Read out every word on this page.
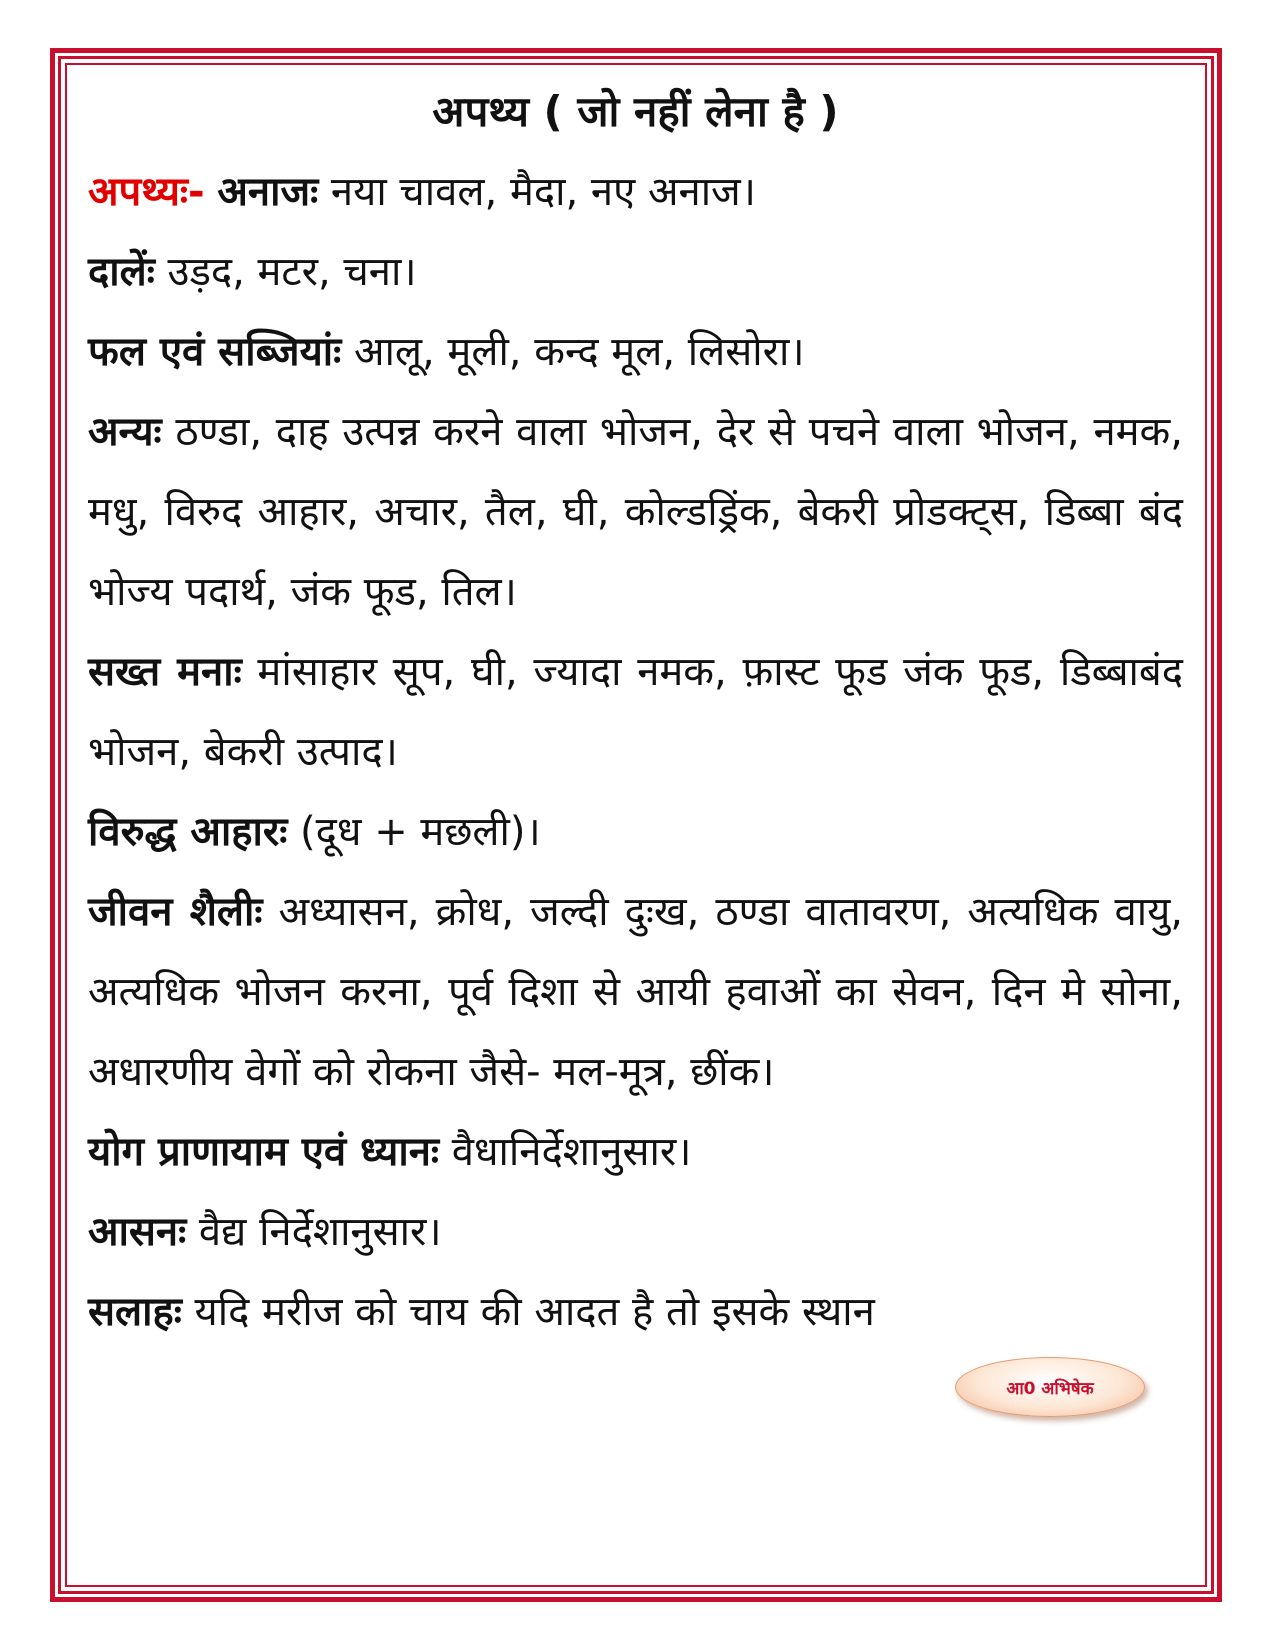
अपथ्य ( जो नहीं लेना है )

अपथ्यः- अनाजः नया चावल, मैदा, नए अनाज।

दालेंः उड़द, मटर, चना।

फल एवं सब्जियांः आलू, मूली, कन्द मूल, लिसोरा।

अन्यः ठण्डा, दाह उत्पन्न करने वाला भोजन, देर से पचने वाला भोजन, नमक, मधु, विरुद आहार, अचार, तैल, घी, कोल्डड्रिंक, बेकरी प्रोडक्ट्स, डिब्बा बंद भोज्य पदार्थ, जंक फूड, तिल।

सख्त मनाः मांसाहार सूप, घी, ज्यादा नमक, फ़ास्ट फूड जंक फूड, डिब्बाबंद भोजन, बेकरी उत्पाद।

विरुद्ध आहारः (दूध + मछली)।

जीवन शैलीः अध्यासन, क्रोध, जल्दी दुःख, ठण्डा वातावरण, अत्यधिक वायु, अत्यधिक भोजन करना, पूर्व दिशा से आयी हवाओं का सेवन, दिन मे सोना, अधारणीय वेगों को रोकना जैसे- मल-मूत्र, छींक।

योग प्राणायाम एवं ध्यानः वैधानिर्देशानुसार।

आसनः वैद्य निर्देशानुसार।

सलाहः यदि मरीज को चाय की आदत है तो इसके स्थान

आ0 अभिषेक
